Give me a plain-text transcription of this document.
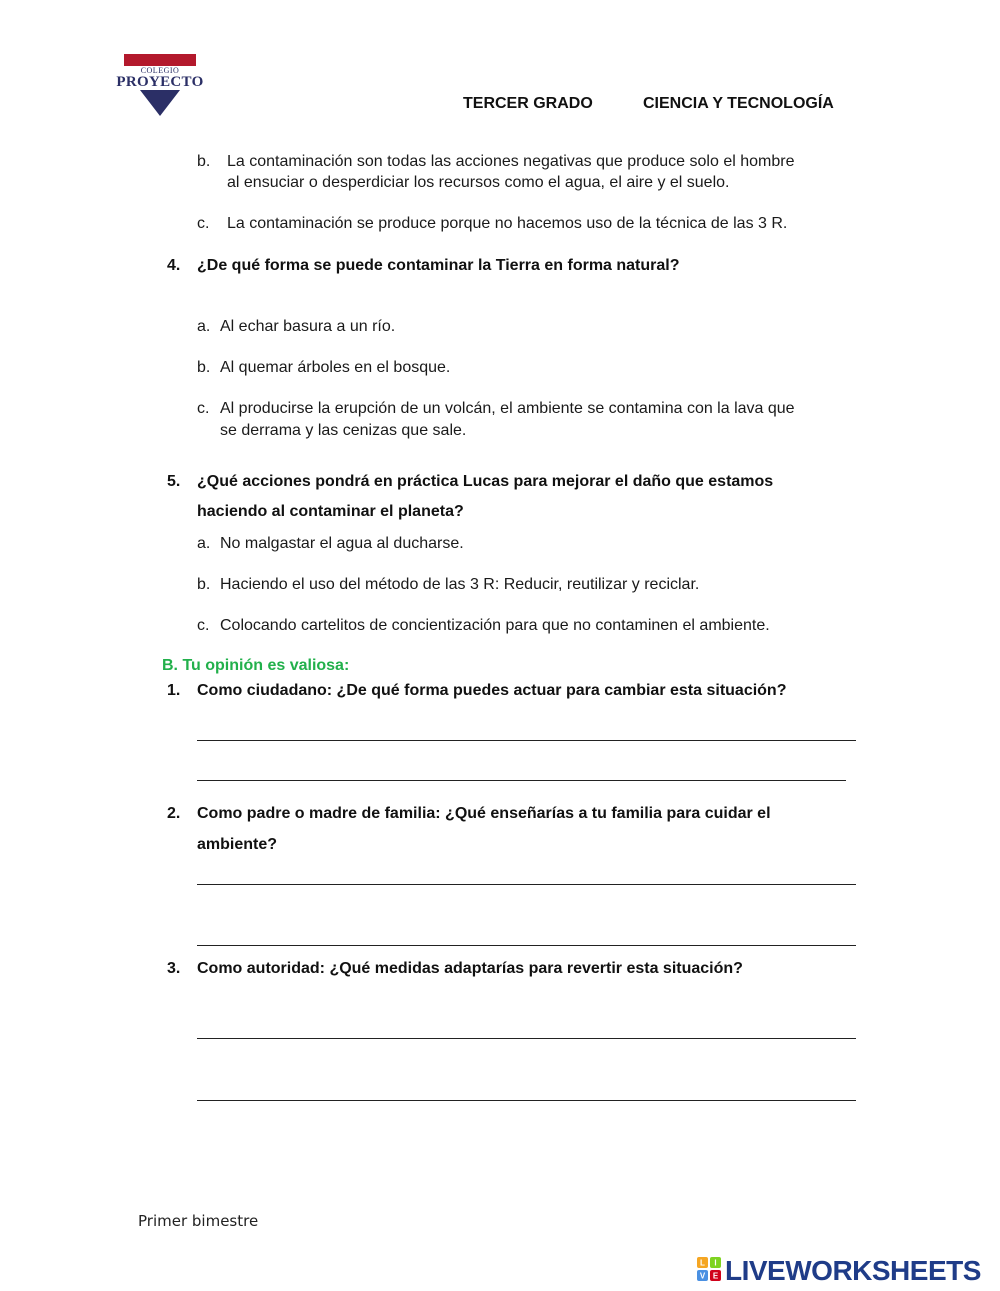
COLEGIO
PROYECTO
TERCER GRADO	CIENCIA Y TECNOLOGÍA
b. La contaminación son todas las acciones negativas que produce solo el hombre
al ensuciar o desperdiciar los recursos como el agua, el aire y el suelo.
c. La contaminación se produce porque no hacemos uso de la técnica de las 3 R.
4. ¿De qué forma se puede contaminar la Tierra en forma natural?
a. Al echar basura a un río.
b. Al quemar árboles en el bosque.
c. Al producirse la erupción de un volcán, el ambiente se contamina con la lava que
se derrama y las cenizas que sale.
5. ¿Qué acciones pondrá en práctica Lucas para mejorar el daño que estamos
haciendo al contaminar el planeta?
a. No malgastar el agua al ducharse.
b. Haciendo el uso del método de las 3 R: Reducir, reutilizar y reciclar.
c. Colocando cartelitos de concientización para que no contaminen el ambiente.
B. Tu opinión es valiosa:
1. Como ciudadano: ¿De qué forma puedes actuar para cambiar esta situación?
2. Como padre o madre de familia: ¿Qué enseñarías a tu familia para cuidar el
ambiente?
3. Como autoridad: ¿Qué medidas adaptarías para revertir esta situación?
Primer bimestre
L I
V E LIVEWORKSHEETS
